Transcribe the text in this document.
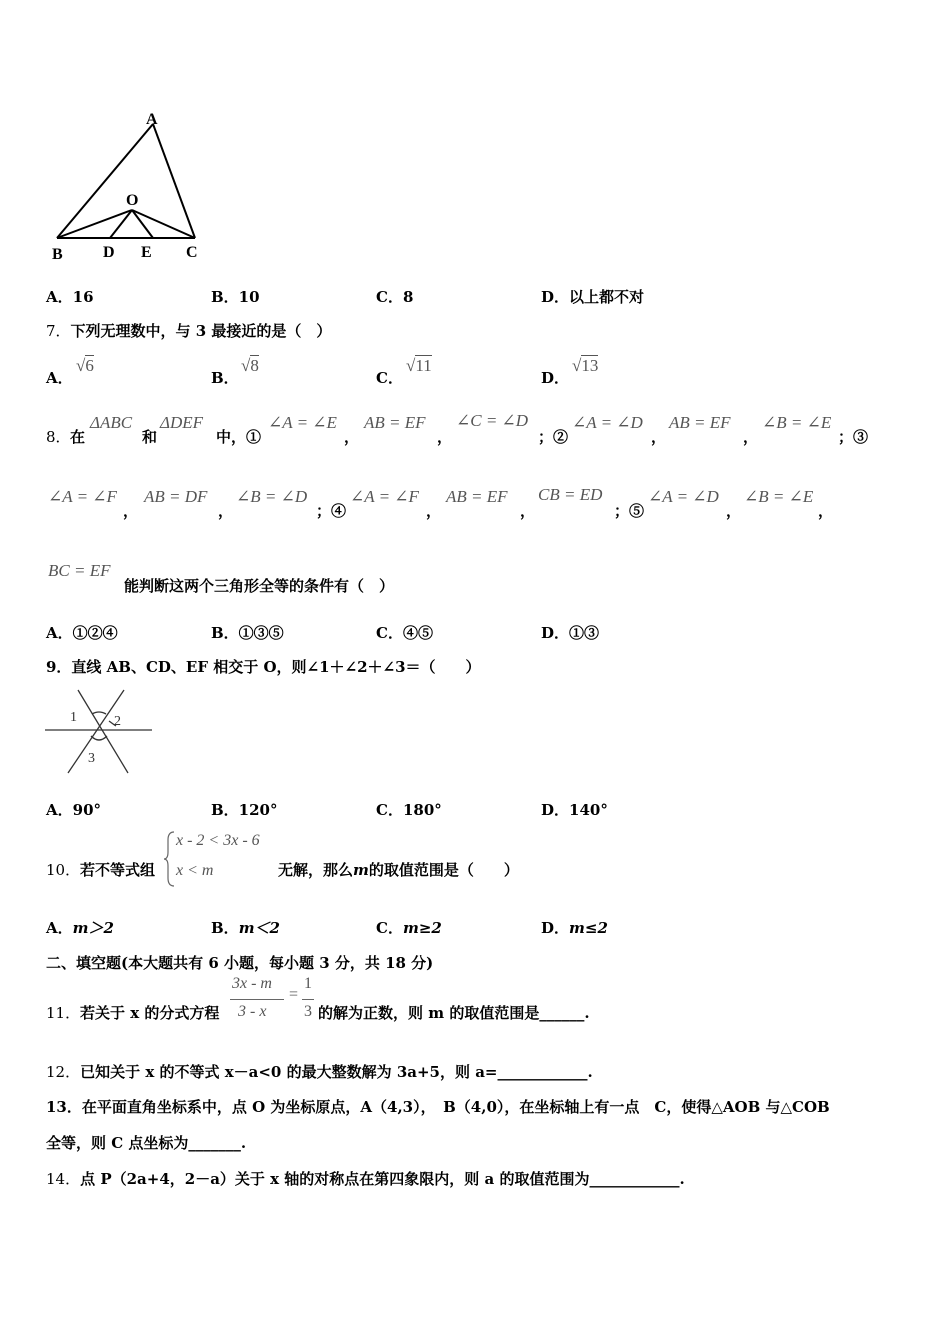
A
B	D E C
O
A．16	B．10	C．8	D．以上都不对
7．下列无理数中，与 3 最接近的是（　）
A．
√6
B．
√8
C．
√11
D．
√13
8． 在
ΔABC
和
ΔDEF
中，①
∠A = ∠E
，
AB = EF
，
∠C = ∠D
；②
∠A = ∠D
，
AB = EF
，
∠B = ∠E
；③
∠A = ∠F
，
AB = DF
，
∠B = ∠D
；④
∠A = ∠F
，
AB = EF
，
CB = ED
；⑤
∠A = ∠D
，
∠B = ∠E
，
BC = EF
能判断这两个三角形全等的条件有（　）
A．①②④	B．①③⑤	C．④⑤	D．①③
9．直线 AB、CD、EF 相交于 O，则∠1＋∠2＋∠3＝（　　）
1	2
3
A．90°	B．120°	C．180°	D．140°
10． 若不等式组
x - 2 < 3x - 6
x < m	无解，那么m的取值范围是（　　）
A．m＞2	B．m＜2	C．m≥2	D．m≤2
二、填空题(本大题共有 6 小题，每小题 3 分，共 18 分)
11． 若关于 x 的分式方程
3x - m
3 - x
=
1
3 的解为正数，则 m 的取值范围是______.
12．已知关于 x 的不等式 x－a<0 的最大整数解为 3a+5，则 a=____________.
13．在平面直角坐标系中，点 O 为坐标原点，A（4,3），　B（4,0），在坐标轴上有一点　C，使得△AOB 与△COB
全等，则 C 点坐标为_______.
14．点 P（2a+4，2－a）关于 x 轴的对称点在第四象限内，则 a 的取值范围为____________.
